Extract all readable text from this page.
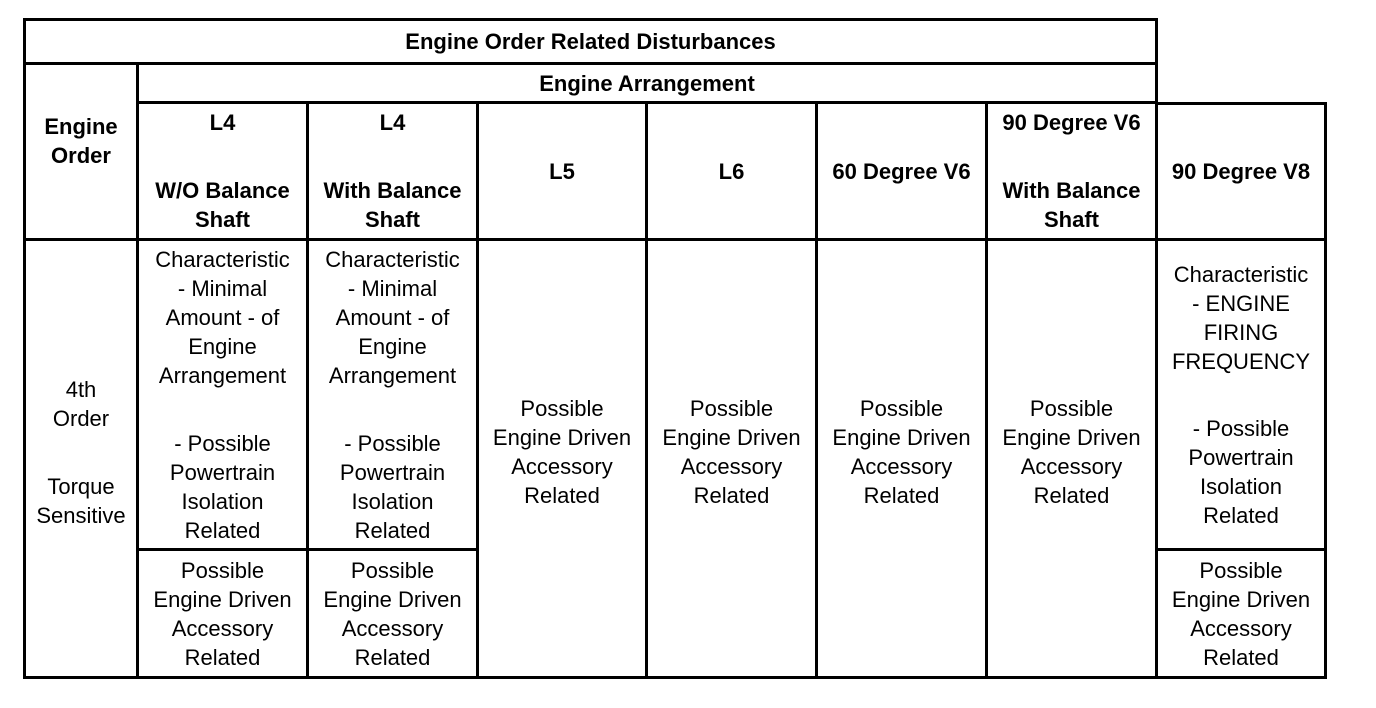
Engine Order Related Disturbances
Engine Arrangement
Engine
Order
L4
W/O Balance
Shaft
L4
With Balance
Shaft
L5	L6	60 Degree V6
90 Degree V6
With Balance
Shaft
90 Degree V8
4th
Order
Torque
Sensitive
Characteristic
- Minimal
Amount - of
Engine
Arrangement
- Possible
Powertrain
Isolation
Related
Characteristic
- Minimal
Amount - of
Engine
Arrangement
- Possible
Powertrain
Isolation
Related
Possible
Engine Driven
Accessory
Related
Possible
Engine Driven
Accessory
Related
Possible
Engine Driven
Accessory
Related
Possible
Engine Driven
Accessory
Related
Possible
Engine Driven
Accessory
Related
Possible
Engine Driven
Accessory
Related
Characteristic
- ENGINE
FIRING
FREQUENCY
- Possible
Powertrain
Isolation
Related
Possible
Engine Driven
Accessory
Related
